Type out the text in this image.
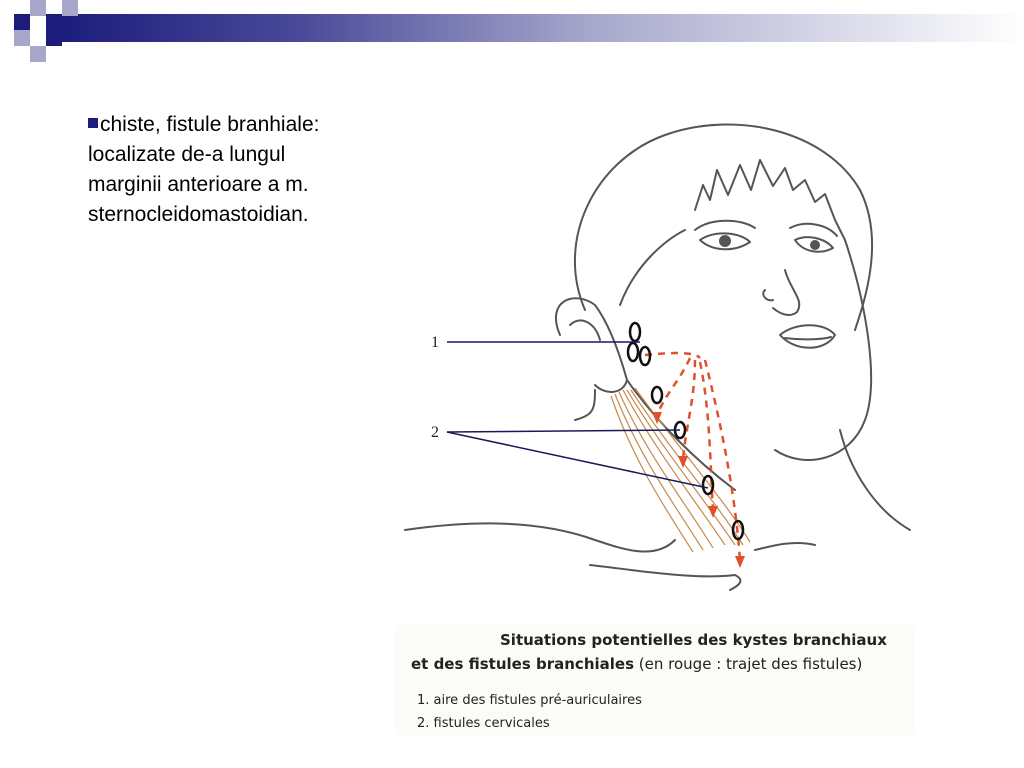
chiste, fistule branhiale:
localizate de-a lungul
marginii anterioare a m.
sternocleidomastoidian.
1
2
Situations potentielles des kystes branchiaux
et des fistules branchiales (en rouge : trajet des fistules)
1. aire des fistules pré-auriculaires
2. fistules cervicales
